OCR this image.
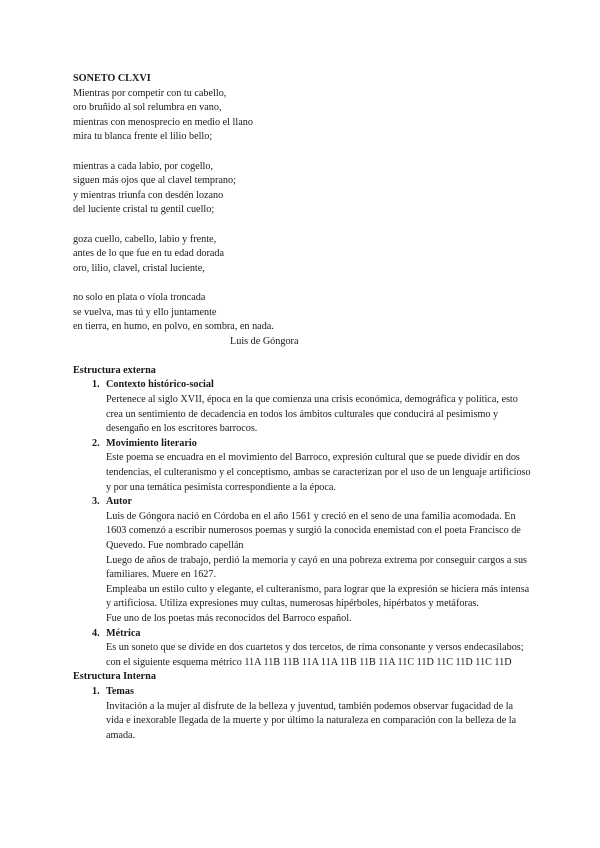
SONETO CLXVI

Mientras por competir con tu cabello,
oro bruñido al sol relumbra en vano,
mientras con menosprecio en medio el llano
mira tu blanca frente el lilio bello;
mientras a cada labio, por cogello,
siguen más ojos que al clavel temprano;
y mientras triunfa con desdén lozano
del luciente cristal tu gentil cuello;
goza cuello, cabello, labio y frente,
antes de lo que fue en tu edad dorada
oro, lilio, clavel, cristal luciente,
no solo en plata o víola troncada
se vuelva, mas tú y ello juntamente
en tierra, en humo, en polvo, en sombra, en nada.
Luis de Góngora
Estructura externa
1. Contexto histórico-social

Pertenece al siglo XVII, época en la que comienza una crisis económica, demográfica y política, esto crea un sentimiento de decadencia en todos los ámbitos culturales que conducirá al pesimismo y desengaño en los escritores barrocos.

2. Movimiento literario

Este poema se encuadra en el movimiento del Barroco, expresión cultural que se puede dividir en dos tendencias, el culteranismo y el conceptismo, ambas se caracterizan por el uso de un lenguaje artificioso y por una temática pesimista correspondiente a la época.

3. Autor

Luis de Góngora nació en Córdoba en el año 1561 y creció en el seno de una familia acomodada. En 1603 comenzó a escribir numerosos poemas y surgió la conocida enemistad con el poeta Francisco de Quevedo. Fue nombrado capellán

Luego de años de trabajo, perdió la memoria y cayó en una pobreza extrema por conseguir cargos a sus familiares. Muere en 1627.

Empleaba un estilo culto y elegante, el culteranismo, para lograr que la expresión se hiciera más intensa y artificiosa. Utiliza expresiones muy cultas, numerosas hipérboles, hipérbatos y metáforas.

Fue uno de los poetas más reconocidos del Barroco español.

4. Métrica

Es un soneto que se divide en dos cuartetos y dos tercetos, de rima consonante y versos endecasílabos; con el siguiente esquema métrico 11A 11B 11B 11A 11A 11B 11B 11A 11C 11D 11C 11D 11C 11D

Estructura Interna
1. Temas

Invitación a la mujer al disfrute de la belleza y juventud, también podemos observar fugacidad de la vida e inexorable llegada de la muerte y por último la naturaleza en comparación con la belleza de la amada.
